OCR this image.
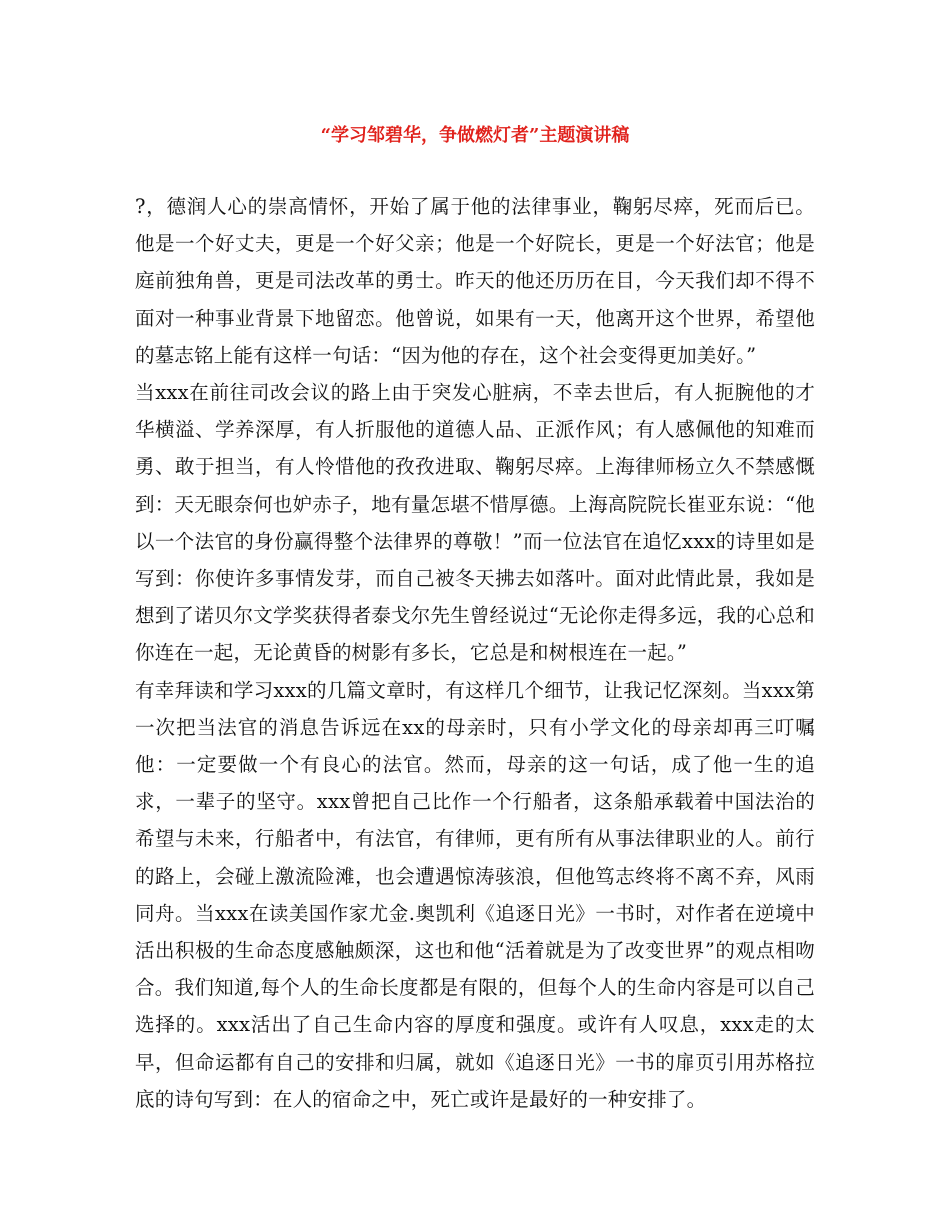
“学习邹碧华，争做燃灯者”主题演讲稿

?，德润人心的崇高情怀，开始了属于他的法律事业，鞠躬尽瘁，死而后已。他是一个好丈夫，更是一个好父亲；他是一个好院长，更是一个好法官；他是庭前独角兽，更是司法改革的勇士。昨天的他还历历在目，今天我们却不得不面对一种事业背景下地留恋。他曾说，如果有一天，他离开这个世界，希望他的墓志铭上能有这样一句话：“因为他的存在，这个社会变得更加美好。”

当xxx在前往司改会议的路上由于突发心脏病，不幸去世后，有人扼腕他的才华横溢、学养深厚，有人折服他的道德人品、正派作风；有人感佩他的知难而勇、敢于担当，有人怜惜他的孜孜进取、鞠躬尽瘁。上海律师杨立久不禁感慨到：天无眼奈何也妒赤子，地有量怎堪不惜厚德。上海高院院长崔亚东说：“他以一个法官的身份赢得整个法律界的尊敬！”而一位法官在追忆xxx的诗里如是写到：你使许多事情发芽，而自己被冬天拂去如落叶。面对此情此景，我如是想到了诺贝尔文学奖获得者泰戈尔先生曾经说过“无论你走得多远，我的心总和你连在一起，无论黄昏的树影有多长，它总是和树根连在一起。”

有幸拜读和学习xxx的几篇文章时，有这样几个细节，让我记忆深刻。当xxx第一次把当法官的消息告诉远在xx的母亲时，只有小学文化的母亲却再三叮嘱他：一定要做一个有良心的法官。然而，母亲的这一句话，成了他一生的追求，一辈子的坚守。xxx曾把自己比作一个行船者，这条船承载着中国法治的希望与未来，行船者中，有法官，有律师，更有所有从事法律职业的人。前行的路上，会碰上激流险滩，也会遭遇惊涛骇浪，但他笃志终将不离不弃，风雨同舟。当xxx在读美国作家尤金.奥凯利《追逐日光》一书时，对作者在逆境中活出积极的生命态度感触颇深，这也和他“活着就是为了改变世界”的观点相吻合。我们知道,每个人的生命长度都是有限的，但每个人的生命内容是可以自己选择的。xxx活出了自己生命内容的厚度和强度。或许有人叹息，xxx走的太早，但命运都有自己的安排和归属，就如《追逐日光》一书的扉页引用苏格拉底的诗句写到：在人的宿命之中，死亡或许是最好的一种安排了。
